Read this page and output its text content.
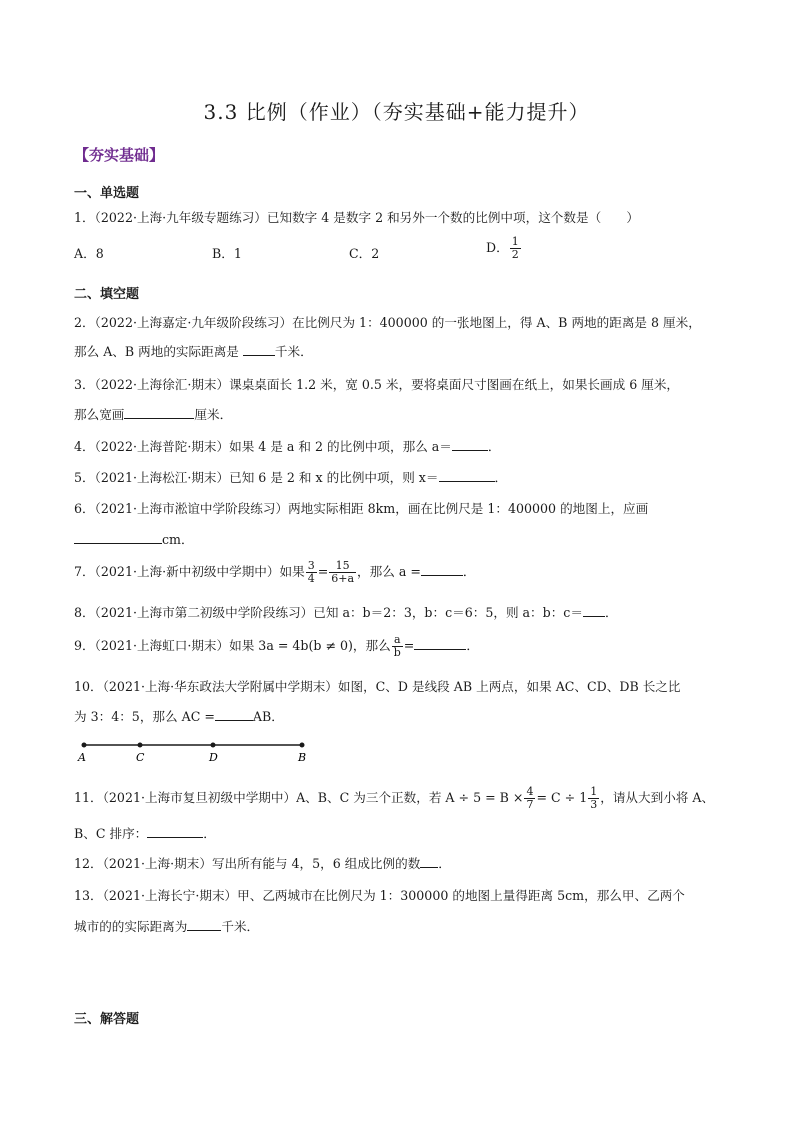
3.3 比例（作业）（夯实基础+能力提升）
【夯实基础】
一、单选题
1．（2022·上海·九年级专题练习）已知数字 4 是数字 2 和另外一个数的比例中项，这个数是（　　）
A．8	B．1	C．2	D． $\frac{1}{2}$
二、填空题
2．（2022·上海嘉定·九年级阶段练习）在比例尺为 1：400000 的一张地图上，得 A、B 两地的距离是 8 厘米，
那么 A、B 两地的实际距离是	千米．
3．（2022·上海徐汇·期末）课桌桌面长 1.2 米，宽 0.5 米，要将桌面尺寸图画在纸上，如果长画成 6 厘米，
那么宽画	厘米．
4．（2022·上海普陀·期末）如果 4 是 a 和 2 的比例中项，那么 a＝	．
5．（2021·上海松江·期末）已知 6 是 2 和 x 的比例中项，则 x＝	．
6．（2021·上海市淞谊中学阶段练习）两地实际相距 8km，画在比例尺是 1：400000 的地图上，应画
cm．
7．（2021·上海·新中初级中学期中）如果 $\frac{3}{4} = \frac{15}{6+a}$ ，那么 a =	．
8．（2021·上海市第二初级中学阶段练习）已知 a：b＝2：3，b：c＝6：5，则 a：b：c＝ ．
9．（2021·上海虹口·期末）如果 3a = 4b(b ≠ 0)，那么 $\frac{a}{b}$ =	．
10．（2021·上海·华东政法大学附属中学期末）如图，C、D 是线段 AB 上两点，如果 AC、CD、DB 长之比
为 3：4：5，那么 AC =	AB．
A	C	D	B
11．（2021·上海市复旦初级中学期中）A、B、C 为三个正数，若 $A \div 5 = B \times \frac{4}{7} = C \div 1 \frac{1}{3}$ ，请从大到小将 A、
B、C 排序：	．
12．（2021·上海·期末）写出所有能与 4，5，6 组成比例的数 ．
13．（2021·上海长宁·期末）甲、乙两城市在比例尺为 1：300000 的地图上量得距离 5cm，那么甲、乙两个
城市的的实际距离为	千米．
三、解答题
